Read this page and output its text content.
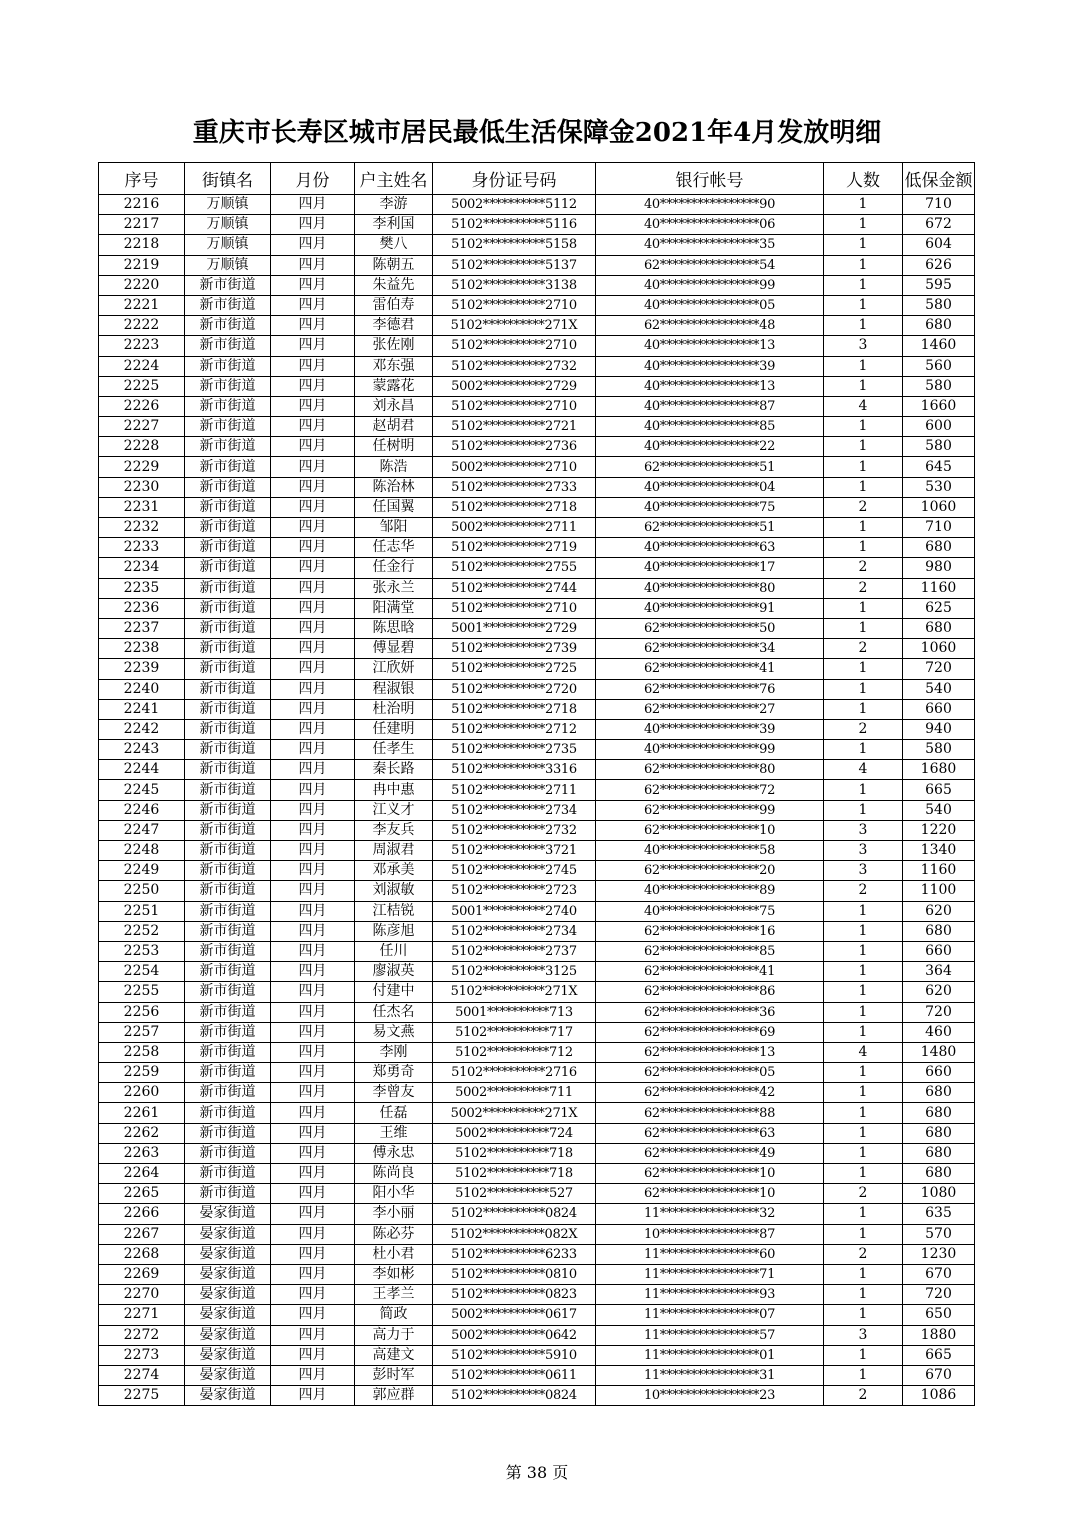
重庆市长寿区城市居民最低生活保障金2021年4月发放明细
序号	街镇名	月份	户主姓名	身份证号码	银行帐号	人数	低保金额
2216	万顺镇	四月	李游	5002**********5112	40****************90	1	710
2217	万顺镇	四月	李利国	5102**********5116	40****************06	1	672
2218	万顺镇	四月	樊八	5102**********5158	40****************35	1	604
2219	万顺镇	四月	陈朝五	5102**********5137	62****************54	1	626
2220	新市街道	四月	朱益先	5102**********3138	40****************99	1	595
2221	新市街道	四月	雷伯寿	5102**********2710	40****************05	1	580
2222	新市街道	四月	李德君	5102**********271X	62****************48	1	680
2223	新市街道	四月	张佐刚	5102**********2710	40****************13	3	1460
2224	新市街道	四月	邓东强	5102**********2732	40****************39	1	560
2225	新市街道	四月	蒙露花	5002**********2729	40****************13	1	580
2226	新市街道	四月	刘永昌	5102**********2710	40****************87	4	1660
2227	新市街道	四月	赵胡君	5102**********2721	40****************85	1	600
2228	新市街道	四月	任树明	5102**********2736	40****************22	1	580
2229	新市街道	四月	陈浩	5002**********2710	62****************51	1	645
2230	新市街道	四月	陈治林	5102**********2733	40****************04	1	530
2231	新市街道	四月	任国翼	5102**********2718	40****************75	2	1060
2232	新市街道	四月	邹阳	5002**********2711	62****************51	1	710
2233	新市街道	四月	任志华	5102**********2719	40****************63	1	680
2234	新市街道	四月	任金行	5102**********2755	40****************17	2	980
2235	新市街道	四月	张永兰	5102**********2744	40****************80	2	1160
2236	新市街道	四月	阳满堂	5102**********2710	40****************91	1	625
2237	新市街道	四月	陈思晗	5001**********2729	62****************50	1	680
2238	新市街道	四月	傅显碧	5102**********2739	62****************34	2	1060
2239	新市街道	四月	江欣妍	5102**********2725	62****************41	1	720
2240	新市街道	四月	程淑银	5102**********2720	62****************76	1	540
2241	新市街道	四月	杜治明	5102**********2718	62****************27	1	660
2242	新市街道	四月	任建明	5102**********2712	40****************39	2	940
2243	新市街道	四月	任孝生	5102**********2735	40****************99	1	580
2244	新市街道	四月	秦长路	5102**********3316	62****************80	4	1680
2245	新市街道	四月	冉中惠	5102**********2711	62****************72	1	665
2246	新市街道	四月	江义才	5102**********2734	62****************99	1	540
2247	新市街道	四月	李友兵	5102**********2732	62****************10	3	1220
2248	新市街道	四月	周淑君	5102**********3721	40****************58	3	1340
2249	新市街道	四月	邓承美	5102**********2745	62****************20	3	1160
2250	新市街道	四月	刘淑敏	5102**********2723	40****************89	2	1100
2251	新市街道	四月	江桔锐	5001**********2740	40****************75	1	620
2252	新市街道	四月	陈彦旭	5102**********2734	62****************16	1	680
2253	新市街道	四月	任川	5102**********2737	62****************85	1	660
2254	新市街道	四月	廖淑英	5102**********3125	62****************41	1	364
2255	新市街道	四月	付建中	5102**********271X	62****************86	1	620
2256	新市街道	四月	任杰名	5001**********713	62****************36	1	720
2257	新市街道	四月	易文燕	5102**********717	62****************69	1	460
2258	新市街道	四月	李刚	5102**********712	62****************13	4	1480
2259	新市街道	四月	郑勇奇	5102**********2716	62****************05	1	660
2260	新市街道	四月	李曾友	5002**********711	62****************42	1	680
2261	新市街道	四月	任磊	5002**********271X	62****************88	1	680
2262	新市街道	四月	王维	5002**********724	62****************63	1	680
2263	新市街道	四月	傅永忠	5102**********718	62****************49	1	680
2264	新市街道	四月	陈尚良	5102**********718	62****************10	1	680
2265	新市街道	四月	阳小华	5102**********527	62****************10	2	1080
2266	晏家街道	四月	李小丽	5102**********0824	11****************32	1	635
2267	晏家街道	四月	陈必芬	5102**********082X	10****************87	1	570
2268	晏家街道	四月	杜小君	5102**********6233	11****************60	2	1230
2269	晏家街道	四月	李如彬	5102**********0810	11****************71	1	670
2270	晏家街道	四月	王孝兰	5102**********0823	11****************93	1	720
2271	晏家街道	四月	简政	5002**********0617	11****************07	1	650
2272	晏家街道	四月	高力于	5002**********0642	11****************57	3	1880
2273	晏家街道	四月	高建文	5102**********5910	11****************01	1	665
2274	晏家街道	四月	彭时军	5102**********0611	11****************31	1	670
2275	晏家街道	四月	郭应群	5102**********0824	10****************23	2	1086
第 38 页
